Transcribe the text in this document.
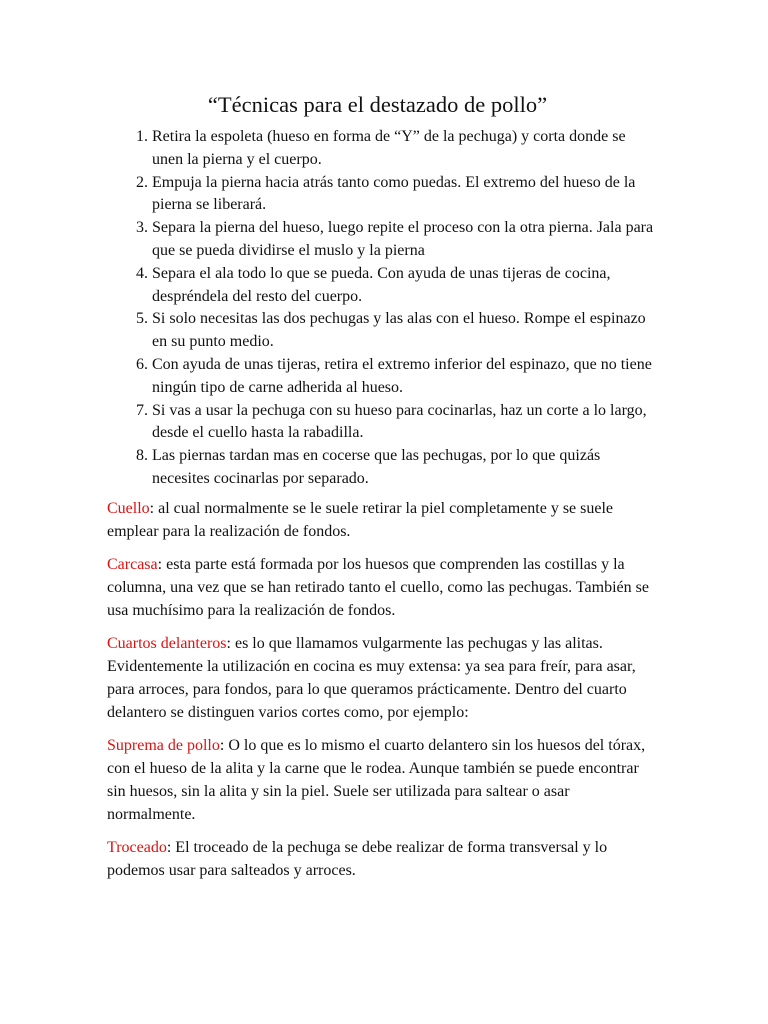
“Técnicas para el destazado de pollo”
1. Retira la espoleta (hueso en forma de “Y” de la pechuga) y corta donde se unen la pierna y el cuerpo.
2. Empuja la pierna hacia atrás tanto como puedas. El extremo del hueso de la pierna se liberará.
3. Separa la pierna del hueso, luego repite el proceso con la otra pierna. Jala para que se pueda dividirse el muslo y la pierna
4. Separa el ala todo lo que se pueda. Con ayuda de unas tijeras de cocina, despréndela del resto del cuerpo.
5. Si solo necesitas las dos pechugas y las alas con el hueso. Rompe el espinazo en su punto medio.
6. Con ayuda de unas tijeras, retira el extremo inferior del espinazo, que no tiene ningún tipo de carne adherida al hueso.
7. Si vas a usar la pechuga con su hueso para cocinarlas, haz un corte a lo largo, desde el cuello hasta la rabadilla.
8. Las piernas tardan mas en cocerse que las pechugas, por lo que quizás necesites cocinarlas por separado.

Cuello: al cual normalmente se le suele retirar la piel completamente y se suele emplear para la realización de fondos.

Carcasa: esta parte está formada por los huesos que comprenden las costillas y la columna, una vez que se han retirado tanto el cuello, como las pechugas. También se usa muchísimo para la realización de fondos.

Cuartos delanteros: es lo que llamamos vulgarmente las pechugas y las alitas. Evidentemente la utilización en cocina es muy extensa: ya sea para freír, para asar, para arroces, para fondos, para lo que queramos prácticamente. Dentro del cuarto delantero se distinguen varios cortes como, por ejemplo:

Suprema de pollo: O lo que es lo mismo el cuarto delantero sin los huesos del tórax, con el hueso de la alita y la carne que le rodea. Aunque también se puede encontrar sin huesos, sin la alita y sin la piel. Suele ser utilizada para saltear o asar normalmente.

Troceado: El troceado de la pechuga se debe realizar de forma transversal y lo podemos usar para salteados y arroces.
